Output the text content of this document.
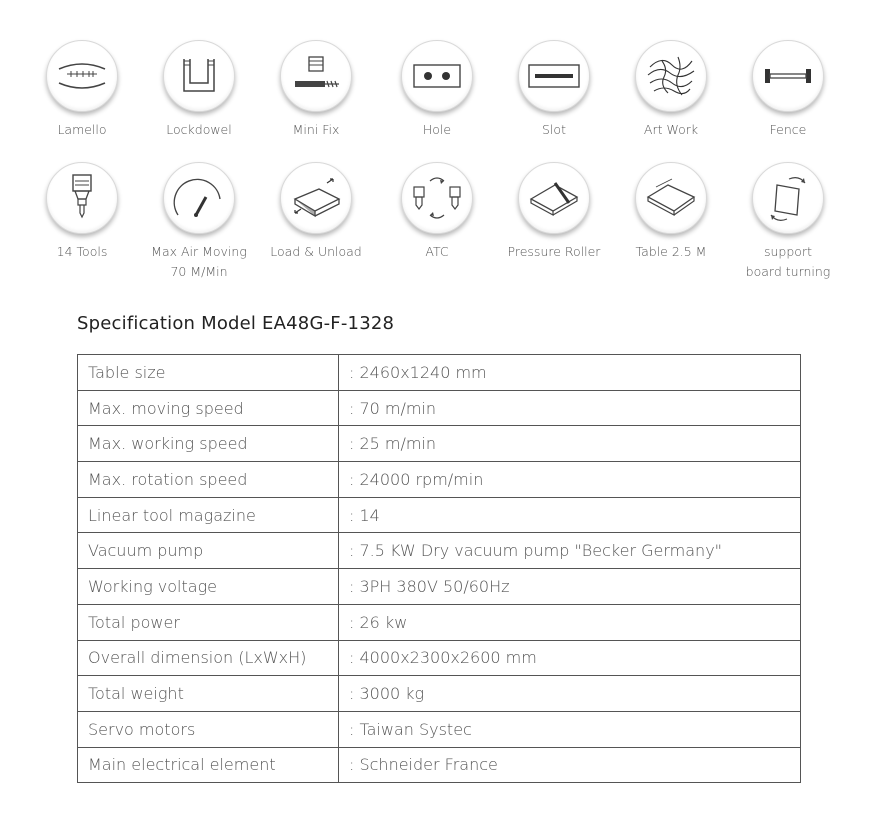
Lamello	Lockdowel	Mini Fix	Hole	Slot	Art Work	Fence
14 Tools	Max Air Moving
70 M/Min
Load & Unload	ATC	Pressure Roller	Table 2.5 M	support
board turning
Specification Model EA48G-F-1328
Table size	: 2460x1240 mm
Max. moving speed	: 70 m/min
Max. working speed	: 25 m/min
Max. rotation speed	: 24000 rpm/min
Linear tool magazine	: 14
Vacuum pump	: 7.5 KW Dry vacuum pump "Becker Germany"
Working voltage	: 3PH 380V 50/60Hz
Total power	: 26 kw
Overall dimension (LxWxH)	: 4000x2300x2600 mm
Total weight	: 3000 kg
Servo motors	: Taiwan Systec
Main electrical element	: Schneider France
